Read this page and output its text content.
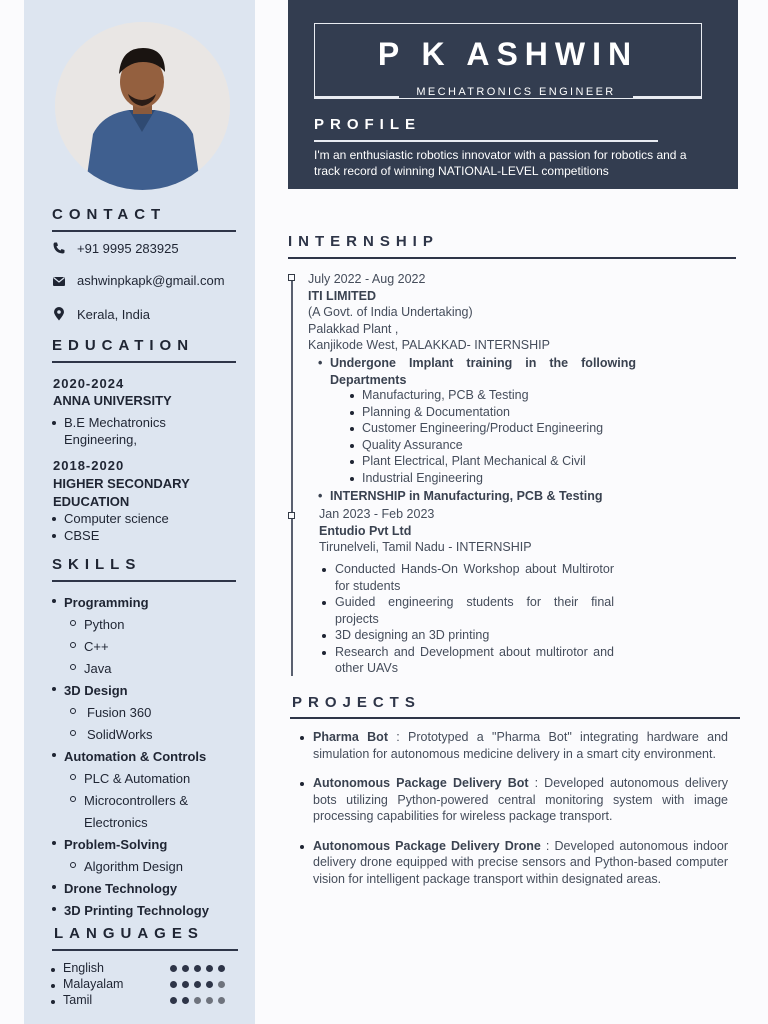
CONTACT
+91 9995 283925
ashwinpkapk@gmail.com
Kerala, India
EDUCATION
2020-2024
ANNA UNIVERSITY
B.E Mechatronics Engineering,
2018-2020
HIGHER SECONDARY EDUCATION
Computer science
CBSE
SKILLS
Programming
Python
C++
Java
3D Design
Fusion 360
SolidWorks
Automation & Controls
PLC & Automation
Microcontrollers & Electronics
Problem-Solving
Algorithm Design
Drone Technology
3D Printing Technology
LANGUAGES
English
Malayalam
Tamil
P K ASHWIN
MECHATRONICS ENGINEER
PROFILE
I'm an enthusiastic robotics innovator with a passion for robotics and a track record of winning NATIONAL-LEVEL competitions
INTERNSHIP
July 2022 - Aug 2022
ITI LIMITED
(A Govt. of India Undertaking)
Palakkad Plant ,
Kanjikode West, PALAKKAD- INTERNSHIP
• Undergone Implant training in the following Departments
Manufacturing, PCB & Testing
Planning & Documentation
Customer Engineering/Product Engineering
Quality Assurance
Plant Electrical, Plant Mechanical & Civil
Industrial Engineering
• INTERNSHIP in Manufacturing, PCB & Testing
Jan 2023 - Feb 2023
Entudio Pvt Ltd
Tirunelveli, Tamil Nadu - INTERNSHIP
Conducted Hands-On Workshop about Multirotor for students
Guided engineering students for their final projects
3D designing an 3D printing
Research and Development about multirotor and other UAVs
PROJECTS
Pharma Bot : Prototyped a "Pharma Bot" integrating hardware and simulation for autonomous medicine delivery in a smart city environment.
Autonomous Package Delivery Bot : Developed autonomous delivery bots utilizing Python-powered central monitoring system with image processing capabilities for wireless package transport.
Autonomous Package Delivery Drone : Developed autonomous indoor delivery drone equipped with precise sensors and Python-based computer vision for intelligent package transport within designated areas.
